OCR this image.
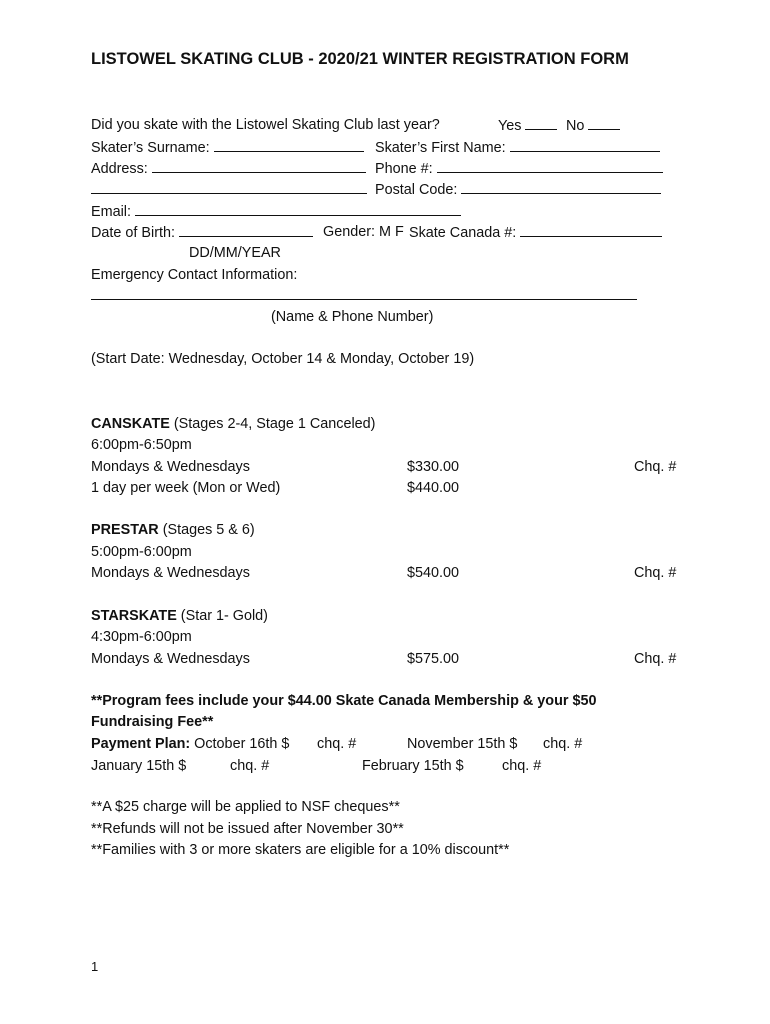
LISTOWEL SKATING CLUB - 2020/21 WINTER REGISTRATION FORM
Did you skate with the Listowel Skating Club last year?	Yes	No
Skater’s Surname:	Skater’s First Name:
Address:	Phone #:
Postal Code:
Email:
Date of Birth:	Gender: M F Skate Canada #:
DD/MM/YEAR
Emergency Contact Information:
(Name & Phone Number)
(Start Date: Wednesday, October 14 & Monday, October 19)
CANSKATE (Stages 2-4, Stage 1 Canceled)
6:00pm-6:50pm
Mondays & Wednesdays	$330.00	Chq. #
1 day per week (Mon or Wed)	$440.00
PRESTAR (Stages 5 & 6)
5:00pm-6:00pm
Mondays & Wednesdays	$540.00	Chq. #
STARSKATE (Star 1- Gold)
4:30pm-6:00pm
Mondays & Wednesdays	$575.00	Chq. #
**Program fees include your $44.00 Skate Canada Membership & your $50
Fundraising Fee**
Payment Plan: October 16th $ chq. #	November 15th $ chq. #
January 15th $	chq. #	February 15th $	chq. #
**A $25 charge will be applied to NSF cheques**
**Refunds will not be issued after November 30**
**Families with 3 or more skaters are eligible for a 10% discount**
1
